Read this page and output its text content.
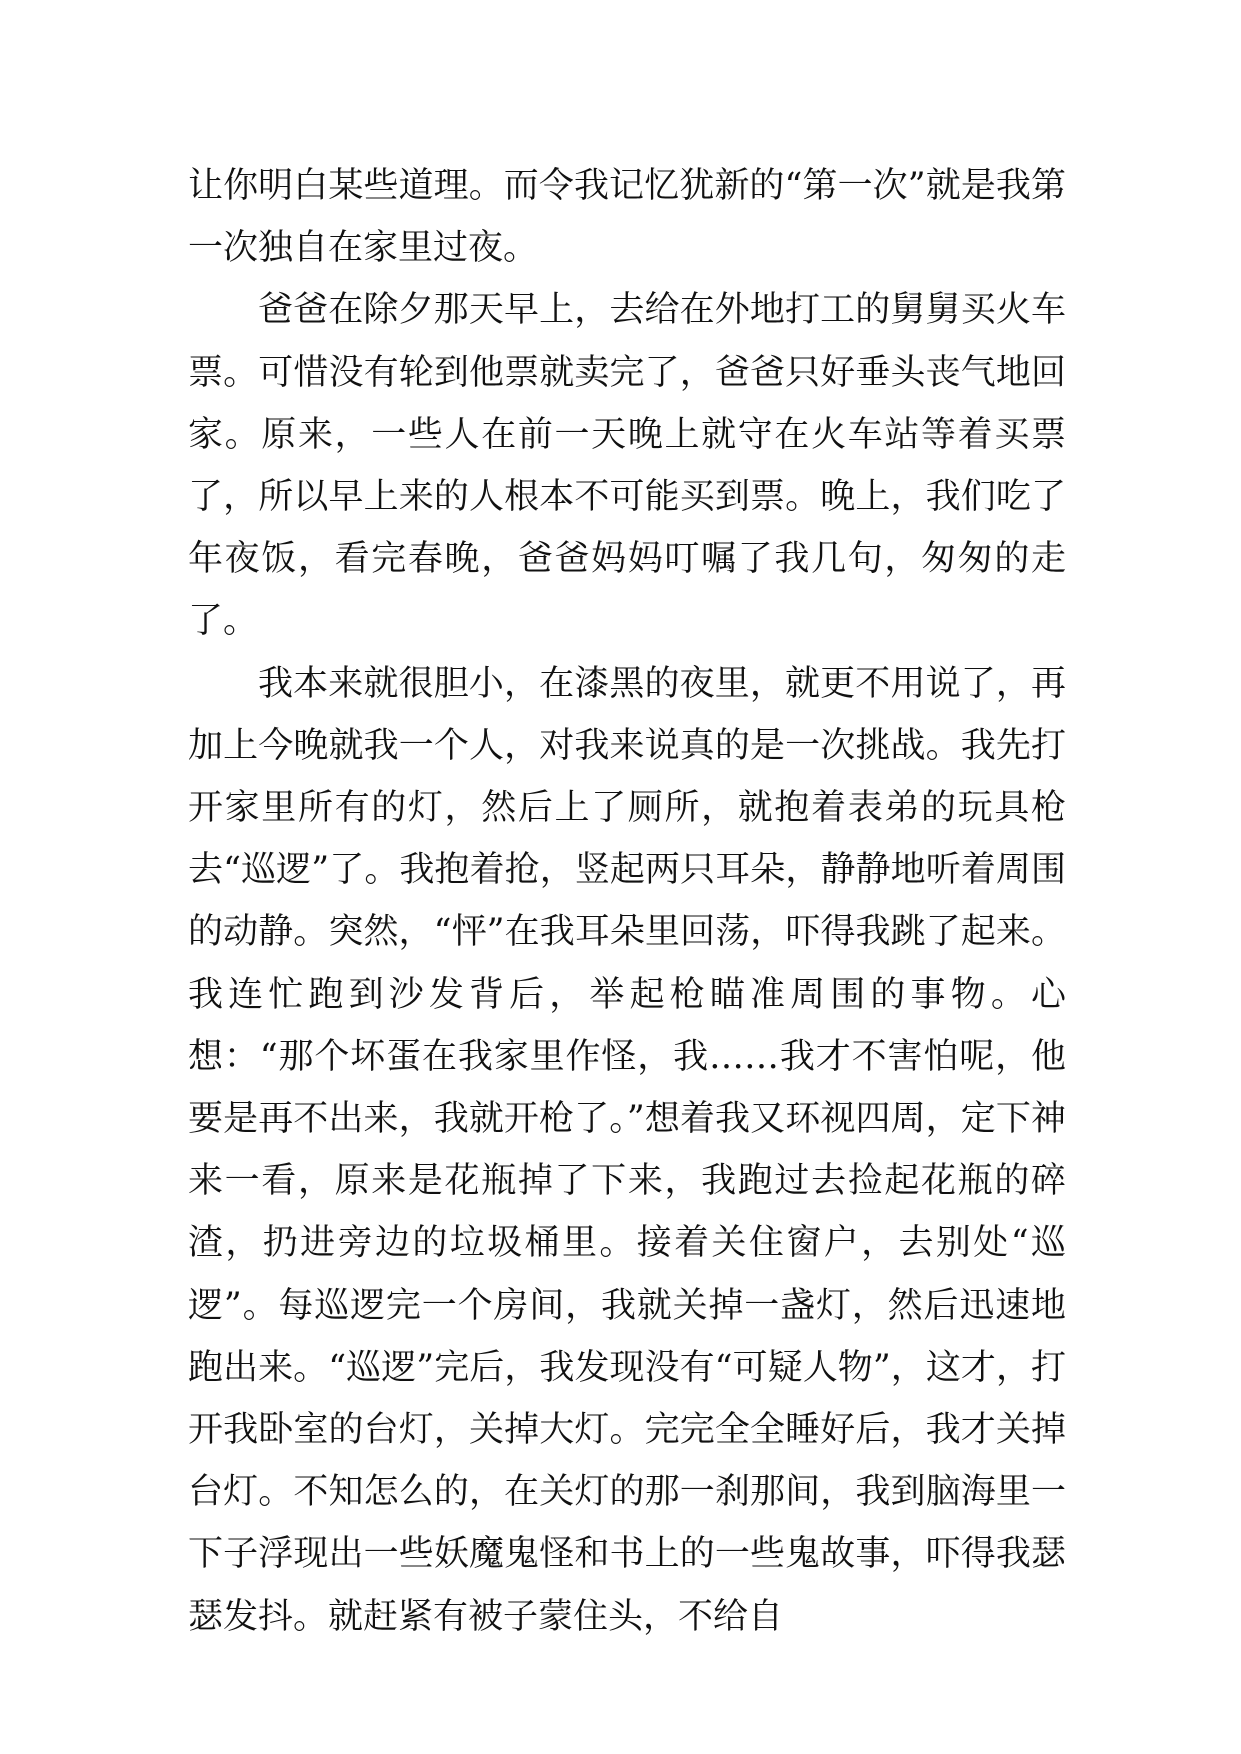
让你明白某些道理。而令我记忆犹新的“第一次”就是我第一次独自在家里过夜。

爸爸在除夕那天早上，去给在外地打工的舅舅买火车票。可惜没有轮到他票就卖完了，爸爸只好垂头丧气地回家。原来，一些人在前一天晚上就守在火车站等着买票了，所以早上来的人根本不可能买到票。晚上，我们吃了年夜饭，看完春晚，爸爸妈妈叮嘱了我几句，匆匆的走了。

我本来就很胆小，在漆黑的夜里，就更不用说了，再加上今晚就我一个人，对我来说真的是一次挑战。我先打开家里所有的灯，然后上了厕所，就抱着表弟的玩具枪去“巡逻”了。我抱着抢，竖起两只耳朵，静静地听着周围的动静。突然，“怦”在我耳朵里回荡，吓得我跳了起来。我连忙跑到沙发背后，举起枪瞄准周围的事物。心想：“那个坏蛋在我家里作怪，我……我才不害怕呢，他要是再不出来，我就开枪了。”想着我又环视四周，定下神来一看，原来是花瓶掉了下来，我跑过去捡起花瓶的碎渣，扔进旁边的垃圾桶里。接着关住窗户，去别处“巡逻”。每巡逻完一个房间，我就关掉一盏灯，然后迅速地跑出来。“巡逻”完后，我发现没有“可疑人物”，这才，打开我卧室的台灯，关掉大灯。完完全全睡好后，我才关掉台灯。不知怎么的，在关灯的那一刹那间，我到脑海里一下子浮现出一些妖魔鬼怪和书上的一些鬼故事，吓得我瑟瑟发抖。就赶紧有被子蒙住头，不给自
